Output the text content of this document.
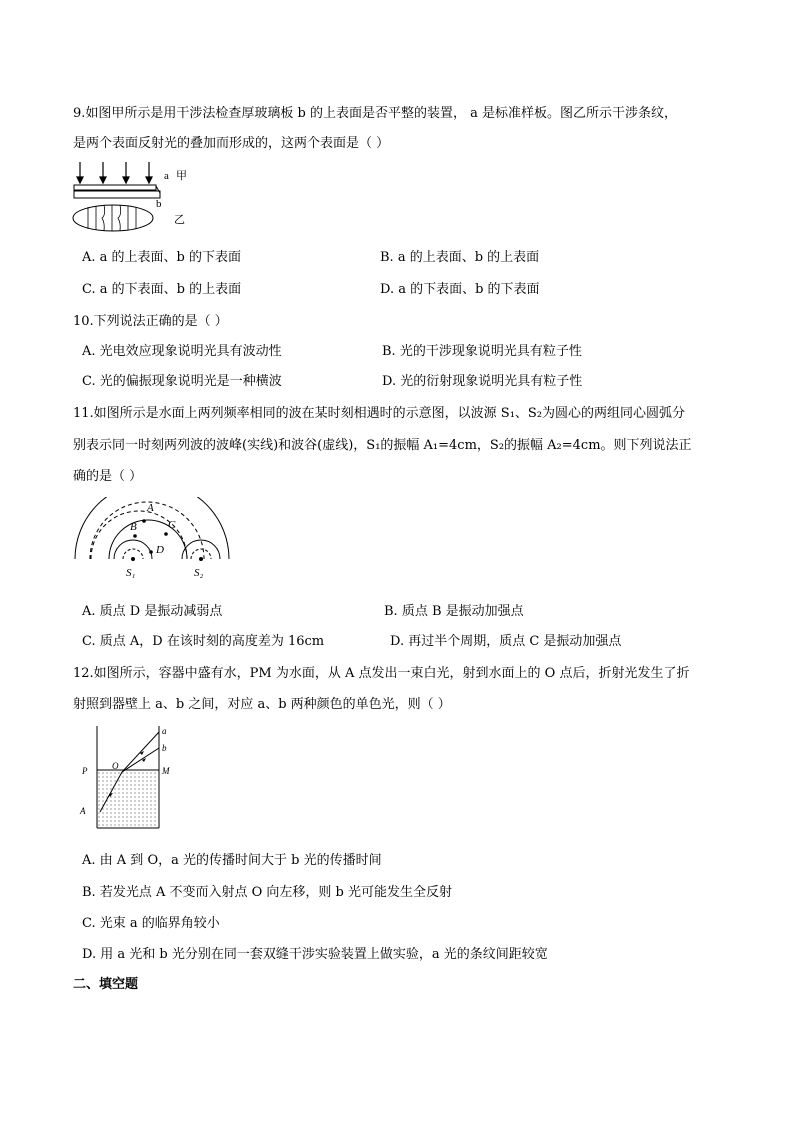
9.如图甲所示是用干涉法检查厚玻璃板 b 的上表面是否平整的装置， a 是标准样板。图乙所示干涉条纹，
是两个表面反射光的叠加而形成的，这两个表面是（ ）
a 甲
b
乙
A. a 的上表面、b 的下表面	B. a 的上表面、b 的上表面
C. a 的下表面、b 的上表面	D. a 的下表面、b 的下表面
10.下列说法正确的是（ ）
A. 光电效应现象说明光具有波动性	B. 光的干涉现象说明光具有粒子性
C. 光的偏振现象说明光是一种横波	D. 光的衍射现象说明光具有粒子性
11.如图所示是水面上两列频率相同的波在某时刻相遇时的示意图，以波源 S₁、S₂为圆心的两组同心圆弧分
别表示同一时刻两列波的波峰(实线)和波谷(虚线)，S₁的振幅 A₁=4cm，S₂的振幅 A₂=4cm。则下列说法正
确的是（ ）
A
B	C
D
S₁	S₂
A. 质点 D 是振动减弱点	B. 质点 B 是振动加强点
C. 质点 A，D 在该时刻的高度差为 16cm	D. 再过半个周期，质点 C 是振动加强点
12.如图所示，容器中盛有水，PM 为水面，从 A 点发出一束白光，射到水面上的 O 点后，折射光发生了折
射照到器壁上 a、b 之间，对应 a、b 两种颜色的单色光，则（ ）
a
b
P	M
O
A
A. 由 A 到 O，a 光的传播时间大于 b 光的传播时间
B. 若发光点 A 不变而入射点 O 向左移，则 b 光可能发生全反射
C. 光束 a 的临界角较小
D. 用 a 光和 b 光分别在同一套双缝干涉实验装置上做实验，a 光的条纹间距较宽
二、填空题
